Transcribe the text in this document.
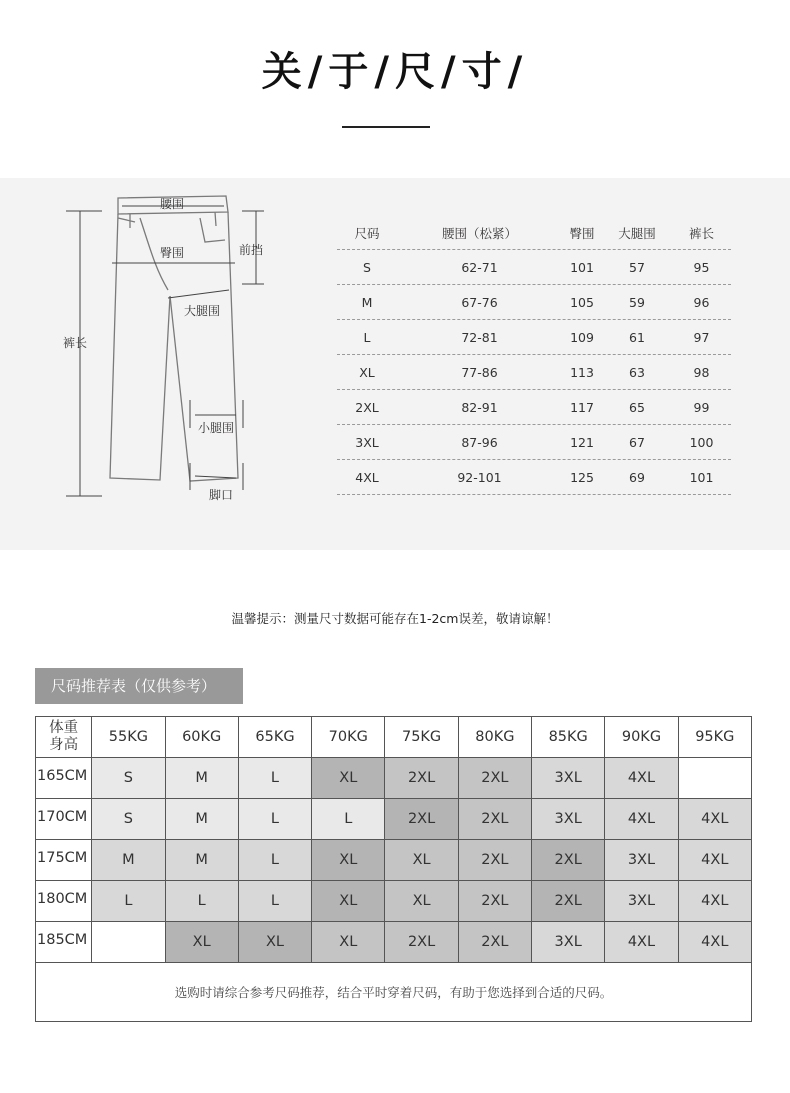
关/于/尺/寸/
腰围
臀围	前挡
大腿围
裤长
小腿围
脚口
尺码	腰围（松紧）	臀围	大腿围	裤长
S	62-71	101	57	95
M	67-76	105	59	96
L	72-81	109	61	97
XL	77-86	113	63	98
2XL	82-91	117	65	99
3XL	87-96	121	67	100
4XL	92-101	125	69	101
温馨提示：测量尺寸数据可能存在1-2cm误差，敬请谅解！
尺码推荐表（仅供参考）
体重
身高	55KG	60KG	65KG	70KG	75KG	80KG	85KG	90KG	95KG
165CM	S	M	L	XL	2XL	2XL	3XL	4XL	
170CM	S	M	L	L	2XL	2XL	3XL	4XL	4XL
175CM	M	M	L	XL	XL	2XL	2XL	3XL	4XL
180CM	L	L	L	XL	XL	2XL	2XL	3XL	4XL
185CM		XL	XL	XL	2XL	2XL	3XL	4XL	4XL
选购时请综合参考尺码推荐，结合平时穿着尺码，有助于您选择到合适的尺码。									
